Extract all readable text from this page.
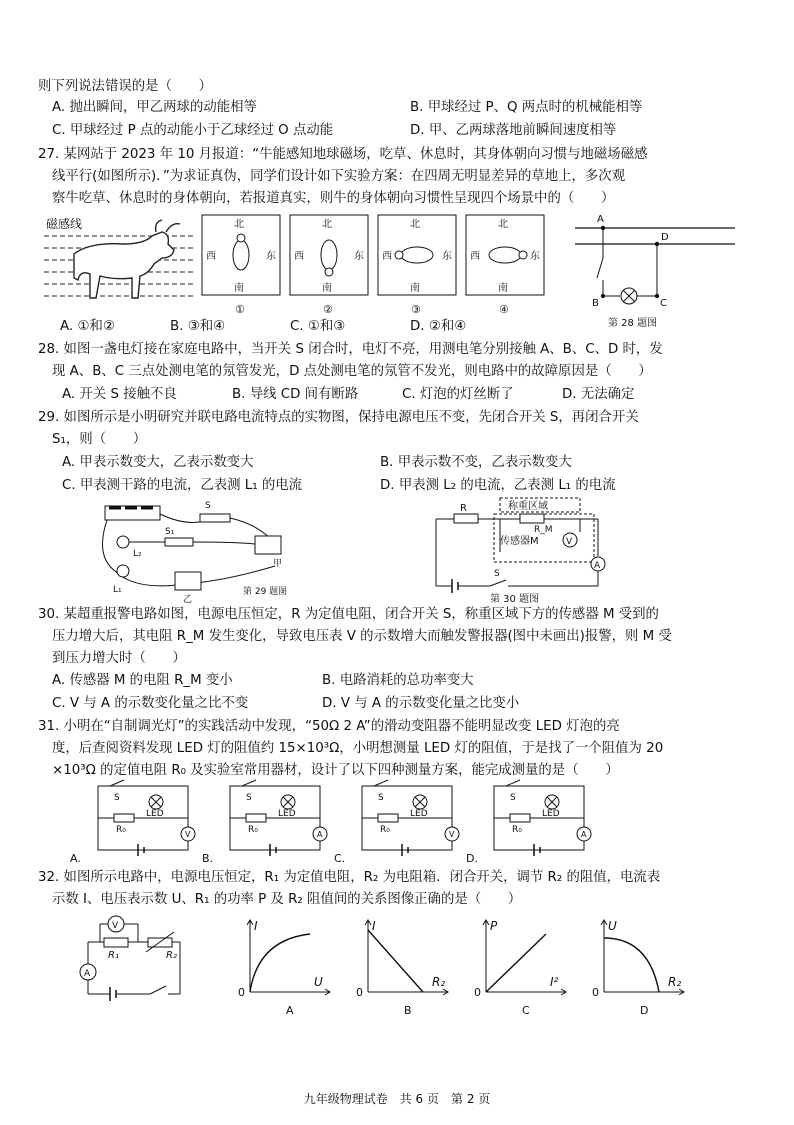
则下列说法错误的是（　　）
A. 抛出瞬间，甲乙两球的动能相等	B. 甲球经过 P、Q 两点时的机械能相等
C. 甲球经过 P 点的动能小于乙球经过 O 点动能	D. 甲、乙两球落地前瞬间速度相等
27. 某网站于 2023 年 10 月报道：“牛能感知地球磁场，吃草、休息时，其身体朝向习惯与地磁场磁感
线平行(如图所示)．”为求证真伪，同学们设计如下实验方案：在四周无明显差异的草地上，多次观
察牛吃草、休息时的身体朝向，若报道真实，则牛的身体朝向习惯性呈现四个场景中的（　　）
磁感线	北
南
西	东
①
北
南
西	东
②
北
南
西	东
③
北
南
西	东
④
A. ①和②	B. ③和④	C. ①和③	D. ②和④
A
D
B	C
第 28 题图
28. 如图一盏电灯接在家庭电路中，当开关 S 闭合时，电灯不亮，用测电笔分别接触 A、B、C、D 时，发
现 A、B、C 三点处测电笔的氖管发光，D 点处测电笔的氖管不发光，则电路中的故障原因是（　　）
A. 开关 S 接触不良	B. 导线 CD 间有断路	C. 灯泡的灯丝断了	D. 无法确定
29. 如图所示是小明研究并联电路电流特点的实物图，保持电源电压不变，先闭合开关 S，再闭合开关
S₁，则（　　）
A. 甲表示数变大，乙表示数变大	B. 甲表示数不变，乙表示数变大
C. 甲表测干路的电流，乙表测 L₁ 的电流	D. 甲表测 L₂ 的电流，乙表测 L₁ 的电流
S
L₂
S₁
甲
L₁
乙
第 29 题图
称重区域
R
R_M
传感器M	V
S
A
第 30 题图
30. 某超重报警电路如图，电源电压恒定，R 为定值电阻，闭合开关 S，称重区域下方的传感器 M 受到的
压力增大后，其电阻 R_M 发生变化，导致电压表 V 的示数增大而触发警报器(图中未画出)报警，则 M 受
到压力增大时（　　）
A. 传感器 M 的电阻 R_M 变小	B. 电路消耗的总功率变大
C. V 与 A 的示数变化量之比不变	D. V 与 A 的示数变化量之比变小
31. 小明在“自制调光灯”的实践活动中发现，“50Ω 2 A”的滑动变阻器不能明显改变 LED 灯泡的亮
度，后查阅资料发现 LED 灯的阻值约 15×10³Ω，小明想测量 LED 灯的阻值，于是找了一个阻值为 20
×10³Ω 的定值电阻 R₀ 及实验室常用器材，设计了以下四种测量方案，能完成测量的是（　　）
LED
R₀	V
S
A.
LED
R₀	A
S
B.
LED
R₀	V
S
C.
LED
R₀	A
S
D.
32. 如图所示电路中，电源电压恒定，R₁ 为定值电阻，R₂ 为电阻箱．闭合开关，调节 R₂ 的阻值，电流表
示数 I、电压表示数 U、R₁ 的功率 P 及 R₂ 阻值间的关系图像正确的是（　　）
V
R₁	R₂
A
I
U
0
A
I
R₂
0
B
P
I²
0
C
U
R₂
0
D
九年级物理试卷　共 6 页　第 2 页
